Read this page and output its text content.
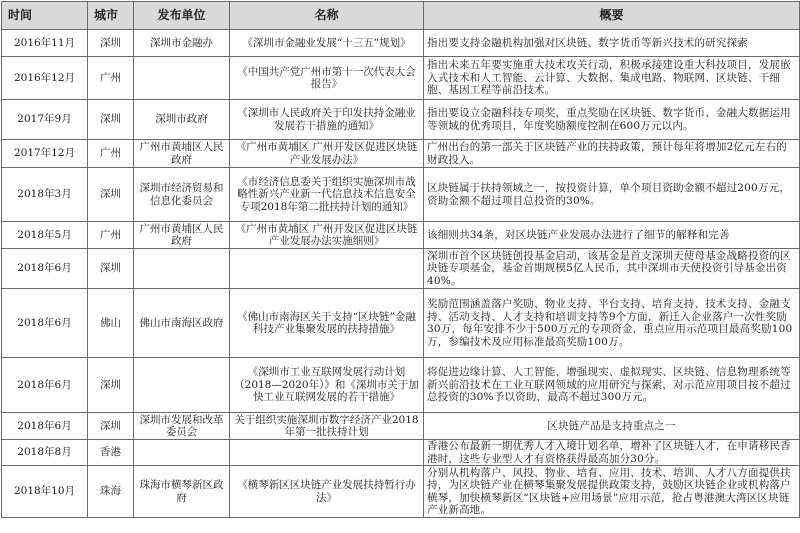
时间	城市	发布单位	名称	概要
2016年11月	深圳	深圳市金融办	《深圳市金融业发展“十三五”规划》	指出要支持金融机构加强对区块链、数字货币等新兴技术的研究探索
2016年12月	广州		《中国共产党广州市第十一次代表大会报告》	指出未来五年要实施重大技术攻关行动，积极承接建设重大科技项目，发展嵌入式技术和人工智能、云计算、大数据、集成电路、物联网、区块链、干细胞、基因工程等前沿技术。
2017年9月	深圳	深圳市政府	《深圳市人民政府关于印发扶持金融业发展若干措施的通知》	指出要设立金融科技专项奖，重点奖励在区块链、数字货币、金融大数据运用等领域的优秀项目，年度奖励额度控制在600万元以内。
2017年12月	广州	广州市黄埔区人民政府	《广州市黄埔区 广州开发区促进区块链产业发展办法》	广州出台的第一部关于区块链产业的扶持政策，预计每年将增加2亿元左右的财政投入。
2018年3月	深圳	深圳市经济贸易和信息化委员会	《市经济信息委关于组织实施深圳市战略性新兴产业新一代信息技术信息安全专项2018年第二批扶持计划的通知》	区块链属于扶持领域之一，按投资计算，单个项目资助金额不超过200万元，资助金额不超过项目总投资的30%。
2018年5月	广州	广州市黄埔区人民政府	《广州市黄埔区 广州开发区促进区块链产业发展办法实施细则》	该细则共34条，对区块链产业发展办法进行了细节的解释和完善
2018年6月	深圳			深圳市首个区块链创投基金启动，该基金是首支深圳天使母基金战略投资的区块链专项基金，基金首期规模5亿人民币，其中深圳市天使投资引导基金出资40%。
2018年6月	佛山	佛山市南海区政府	《佛山市南海区关于支持“区块链”金融科技产业集聚发展的扶持措施》	奖励范围涵盖落户奖励、物业支持、平台支持、培育支持、技术支持、金融支持、活动支持、人才支持和培训支持等9个方面，新迁入企业落户一次性奖励30万，每年安排不少于500万元的专项资金，重点应用示范项目最高奖励100万，参编技术及应用标准最高奖励100万。
2018年6月	深圳		《深圳市工业互联网发展行动计划（2018—2020年）》和《深圳市关于加快工业互联网发展的若干措施》	将促进边缘计算、人工智能、增强现实、虚拟现实、区块链、信息物理系统等新兴前沿技术在工业互联网领域的应用研究与探索，对示范应用项目按不超过总投资的30%予以资助，最高不超过300万元。
2018年6月	深圳	深圳市发展和改革委员会	关于组织实施深圳市数字经济产业2018年第一批扶持计划	区块链产品是支持重点之一
2018年8月	香港			香港公布最新一期优秀人才入境计划名单，增补了区块链人才，在申请移民香港时，这些专业型人才有资格获得最高加分30分。
2018年10月	珠海	珠海市横琴新区政府	《横琴新区区块链产业发展扶持暂行办法》	分别从机构落户、风投、物业、培育、应用、技术、培训、人才八方面提供扶持，为区块链产业在横琴集聚发展提供政策支持，鼓励区块链企业或机构落户横琴，加快横琴新区“区块链+应用场景”应用示范，抢占粤港澳大湾区区块链产业新高地。
